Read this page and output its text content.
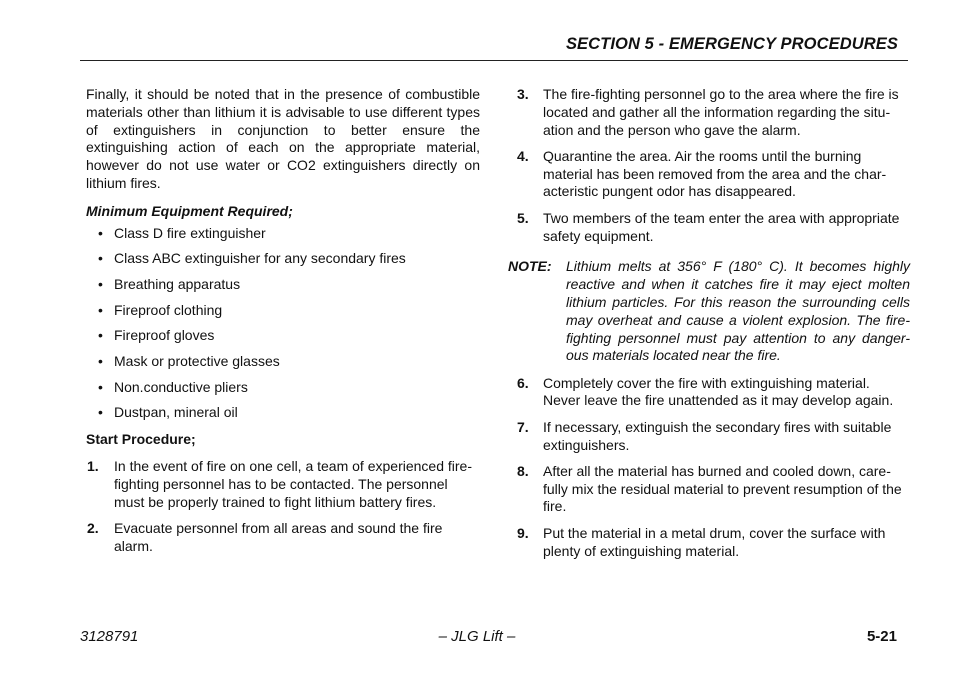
SECTION 5 - EMERGENCY PROCEDURES

Finally, it should be noted that in the presence of combustible materials other than lithium it is advisable to use different types of extinguishers in conjunction to better ensure the extinguishing action of each on the appropriate material, however do not use water or CO2 extinguishers directly on lithium fires.

Minimum Equipment Required;

• Class D fire extinguisher
• Class ABC extinguisher for any secondary fires
• Breathing apparatus
• Fireproof clothing
• Fireproof gloves
• Mask or protective glasses
• Non.conductive pliers
• Dustpan, mineral oil

Start Procedure;

1. In the event of fire on one cell, a team of experienced fire-fighting personnel has to be contacted. The personnel must be properly trained to fight lithium battery fires.
2. Evacuate personnel from all areas and sound the fire alarm.
3. The fire-fighting personnel go to the area where the fire is located and gather all the information regarding the situ-ation and the person who gave the alarm.
4. Quarantine the area. Air the rooms until the burning material has been removed from the area and the char-acteristic pungent odor has disappeared.
5. Two members of the team enter the area with appropriate safety equipment.
NOTE: Lithium melts at 356° F (180° C). It becomes highly reactive and when it catches fire it may eject molten lithium particles. For this reason the surrounding cells may overheat and cause a violent explosion. The fire-fighting personnel must pay attention to any danger-ous materials located near the fire.
6. Completely cover the fire with extinguishing material. Never leave the fire unattended as it may develop again.
7. If necessary, extinguish the secondary fires with suitable extinguishers.
8. After all the material has burned and cooled down, care-fully mix the residual material to prevent resumption of the fire.
9. Put the material in a metal drum, cover the surface with plenty of extinguishing material.
– JLG Lift –
3128791	5-21
